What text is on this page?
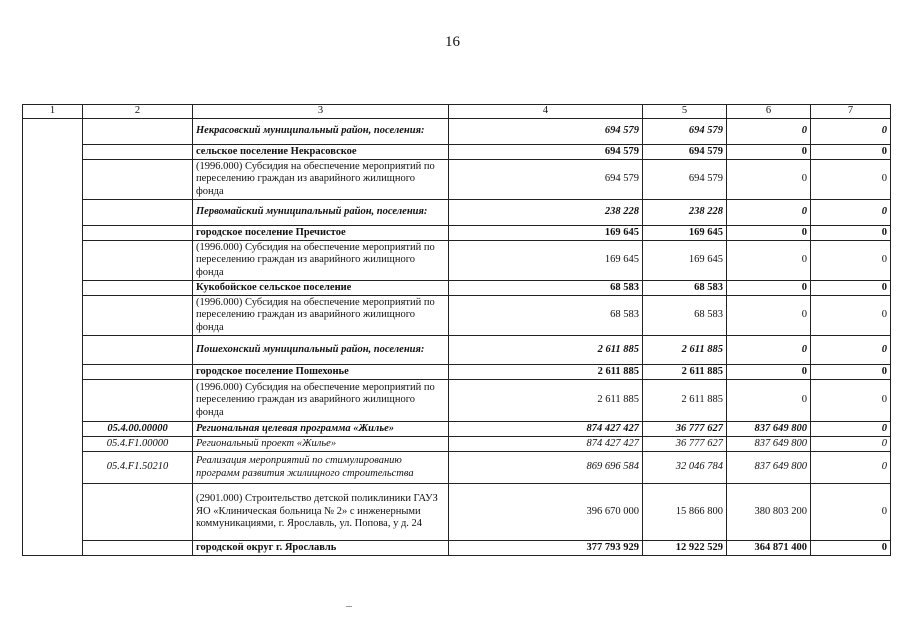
16
1	2	3	4	5	6	7
		Некрасовский муниципальный район, поселения:	694 579	694 579	0	0
		сельское поселение Некрасовское	694 579	694 579	0	0
		(1996.000) Субсидия на обеспечение мероприятий по переселению граждан из аварийного жилищного фонда	694 579	694 579	0	0
		Первомайский муниципальный район, поселения:	238 228	238 228	0	0
		городское поселение Пречистое	169 645	169 645	0	0
		(1996.000) Субсидия на обеспечение мероприятий по переселению граждан из аварийного жилищного фонда	169 645	169 645	0	0
		Кукобойское сельское поселение	68 583	68 583	0	0
		(1996.000) Субсидия на обеспечение мероприятий по переселению граждан из аварийного жилищного фонда	68 583	68 583	0	0
		Пошехонский муниципальный район, поселения:	2 611 885	2 611 885	0	0
		городское поселение Пошехонье	2 611 885	2 611 885	0	0
		(1996.000) Субсидия на обеспечение мероприятий по переселению граждан из аварийного жилищного фонда	2 611 885	2 611 885	0	0
	05.4.00.00000	Региональная целевая программа «Жилье»	874 427 427	36 777 627	837 649 800	0
	05.4.F1.00000	Региональный проект «Жилье»	874 427 427	36 777 627	837 649 800	0
	05.4.F1.50210	Реализация мероприятий по стимулированию программ развития жилищного строительства	869 696 584	32 046 784	837 649 800	0
		(2901.000) Строительство детской поликлиники ГАУЗ ЯО «Клиническая больница № 2» с инженерными коммуникациями, г. Ярославль, ул. Попова, у д. 24	396 670 000	15 866 800	380 803 200	0
		городской округ г. Ярославль	377 793 929	12 922 529	364 871 400	0
